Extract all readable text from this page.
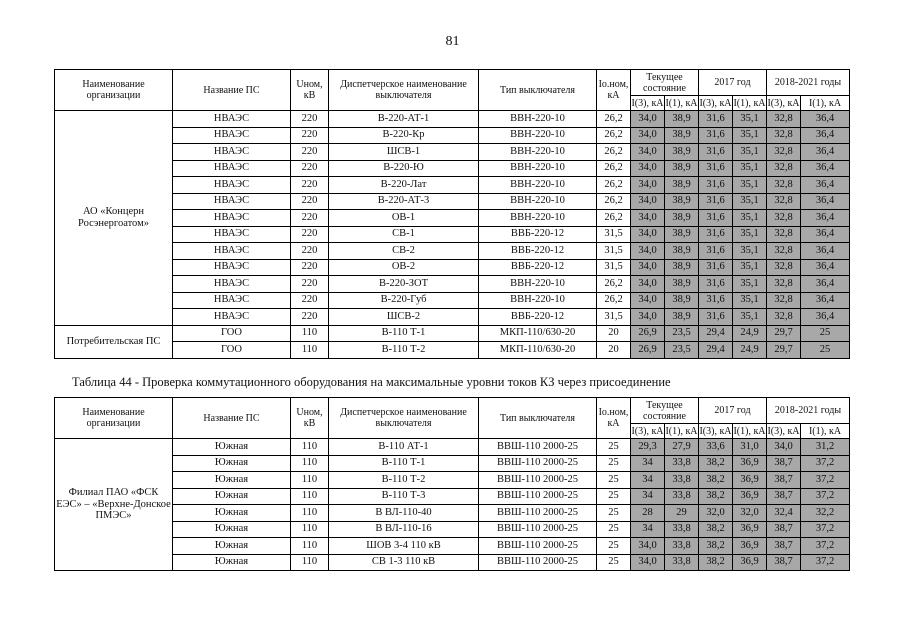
81
Наименование организации	Название ПС	Uном, кВ	Диспетчерское наименование выключателя	Тип выключателя	Iо.ном, кА	Текущее состояние		2017 год		2018-2021 годы	
						I(3), кА	I(1), кА	I(3), кА	I(1), кА	I(3), кА	I(1), кА
АО «Концерн Росэнергоатом»	НВАЭС	220	В-220-АТ-1	ВВН-220-10	26,2	34,0	38,9	31,6	35,1	32,8	36,4
	НВАЭС	220	В-220-Кр	ВВН-220-10	26,2	34,0	38,9	31,6	35,1	32,8	36,4
	НВАЭС	220	ШСВ-1	ВВН-220-10	26,2	34,0	38,9	31,6	35,1	32,8	36,4
	НВАЭС	220	В-220-Ю	ВВН-220-10	26,2	34,0	38,9	31,6	35,1	32,8	36,4
	НВАЭС	220	В-220-Лат	ВВН-220-10	26,2	34,0	38,9	31,6	35,1	32,8	36,4
	НВАЭС	220	В-220-АТ-3	ВВН-220-10	26,2	34,0	38,9	31,6	35,1	32,8	36,4
	НВАЭС	220	ОВ-1	ВВН-220-10	26,2	34,0	38,9	31,6	35,1	32,8	36,4
	НВАЭС	220	СВ-1	ВВБ-220-12	31,5	34,0	38,9	31,6	35,1	32,8	36,4
	НВАЭС	220	СВ-2	ВВБ-220-12	31,5	34,0	38,9	31,6	35,1	32,8	36,4
	НВАЭС	220	ОВ-2	ВВБ-220-12	31,5	34,0	38,9	31,6	35,1	32,8	36,4
	НВАЭС	220	В-220-ЗОТ	ВВН-220-10	26,2	34,0	38,9	31,6	35,1	32,8	36,4
	НВАЭС	220	В-220-Губ	ВВН-220-10	26,2	34,0	38,9	31,6	35,1	32,8	36,4
	НВАЭС	220	ШСВ-2	ВВБ-220-12	31,5	34,0	38,9	31,6	35,1	32,8	36,4
Потребительская ПС	ГОО	110	В-110 Т-1	МКП-110/630-20	20	26,9	23,5	29,4	24,9	29,7	25
	ГОО	110	В-110 Т-2	МКП-110/630-20	20	26,9	23,5	29,4	24,9	29,7	25
Таблица 44 - Проверка коммутационного оборудования на максимальные уровни токов КЗ через присоединение
Наименование организации	Название ПС	Uном, кВ	Диспетчерское наименование выключателя	Тип выключателя	Iо.ном, кА	Текущее состояние		2017 год		2018-2021 годы	
						I(3), кА	I(1), кА	I(3), кА	I(1), кА	I(3), кА	I(1), кА
Филиал ПАО «ФСК ЕЭС» – «Верхне-Донское ПМЭС»	Южная	110	В-110 АТ-1	ВВШ-110 2000-25	25	29,3	27,9	33,6	31,0	34,0	31,2
	Южная	110	В-110 Т-1	ВВШ-110 2000-25	25	34	33,8	38,2	36,9	38,7	37,2
	Южная	110	В-110 Т-2	ВВШ-110 2000-25	25	34	33,8	38,2	36,9	38,7	37,2
	Южная	110	В-110 Т-3	ВВШ-110 2000-25	25	34	33,8	38,2	36,9	38,7	37,2
	Южная	110	В ВЛ-110-40	ВВШ-110 2000-25	25	28	29	32,0	32,0	32,4	32,2
	Южная	110	В ВЛ-110-16	ВВШ-110 2000-25	25	34	33,8	38,2	36,9	38,7	37,2
	Южная	110	ШОВ 3-4 110 кВ	ВВШ-110 2000-25	25	34,0	33,8	38,2	36,9	38,7	37,2
	Южная	110	СВ 1-3 110 кВ	ВВШ-110 2000-25	25	34,0	33,8	38,2	36,9	38,7	37,2
